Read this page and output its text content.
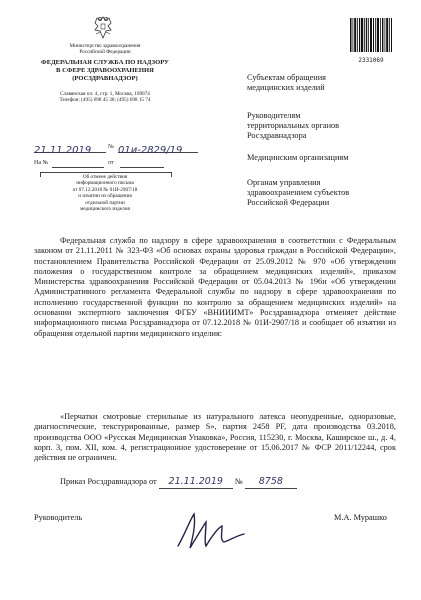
Министерство здравоохранения
Российской Федерации
ФЕДЕРАЛЬНАЯ СЛУЖБА ПО НАДЗОРУ
В СФЕРЕ ЗДРАВООХРАНЕНИЯ
(РОСЗДРАВНАДЗОР)
Славянская пл. 4, стр. 1, Москва, 109074
Телефон: (495) 698 45 38; (495) 698 15 74
21.11.2019	№ 01и-2829/19
На №	от
Об отмене действия
информационного письма
от 07.12.2018 № 01И-2907/18
и изъятии из обращения
отдельной партии
медицинского изделия
2331069
Субъектам обращения
медицинских изделий
Руководителям
территориальных органов
Росздравнадзора
Медицинским организациям
Органам управления
здравоохранением субъектов
Российской Федерации
Федеральная служба по надзору в сфере здравоохранения в соответствии с Федеральным законом от 21.11.2011 № 323-ФЗ «Об основах охраны здоровья граждан в Российской Федерации», постановлением Правительства Российской Федерации от 25.09.2012 № 970 «Об утверждении положения о государственном контроле за обращением медицинских изделий», приказом Министерства здравоохранения Российской Федерации от 05.04.2013 № 196н «Об утверждении Административного регламента Федеральной службы по надзору в сфере здравоохранения по исполнению государственной функции по контролю за обращением медицинских изделий» на основании экспертного заключения ФГБУ «ВНИИИМТ» Росздравнадзора отменяет действие информационного письма Росздравнадзора от 07.12.2018 № 01И-2907/18 и сообщает об изъятии из обращения отдельной партии медицинского изделия:
«Перчатки смотровые стерильные из натурального латекса неопудренные, одноразовые, диагностические, текстурированные, размер S», партия 2458 PF, дата производства 03.2018, производства ООО «Русская Медицинская Упаковка», Россия, 115230, г. Москва, Каширское ш., д. 4, корп. 3, пом. XII, ком. 4, регистрационное удостоверение от 15.06.2017 № ФСР 2011/12244, срок действия не ограничен.
Приказ Росздравнадзора от 21.11.2019 № 8758
Руководитель	М.А. Мурашко
